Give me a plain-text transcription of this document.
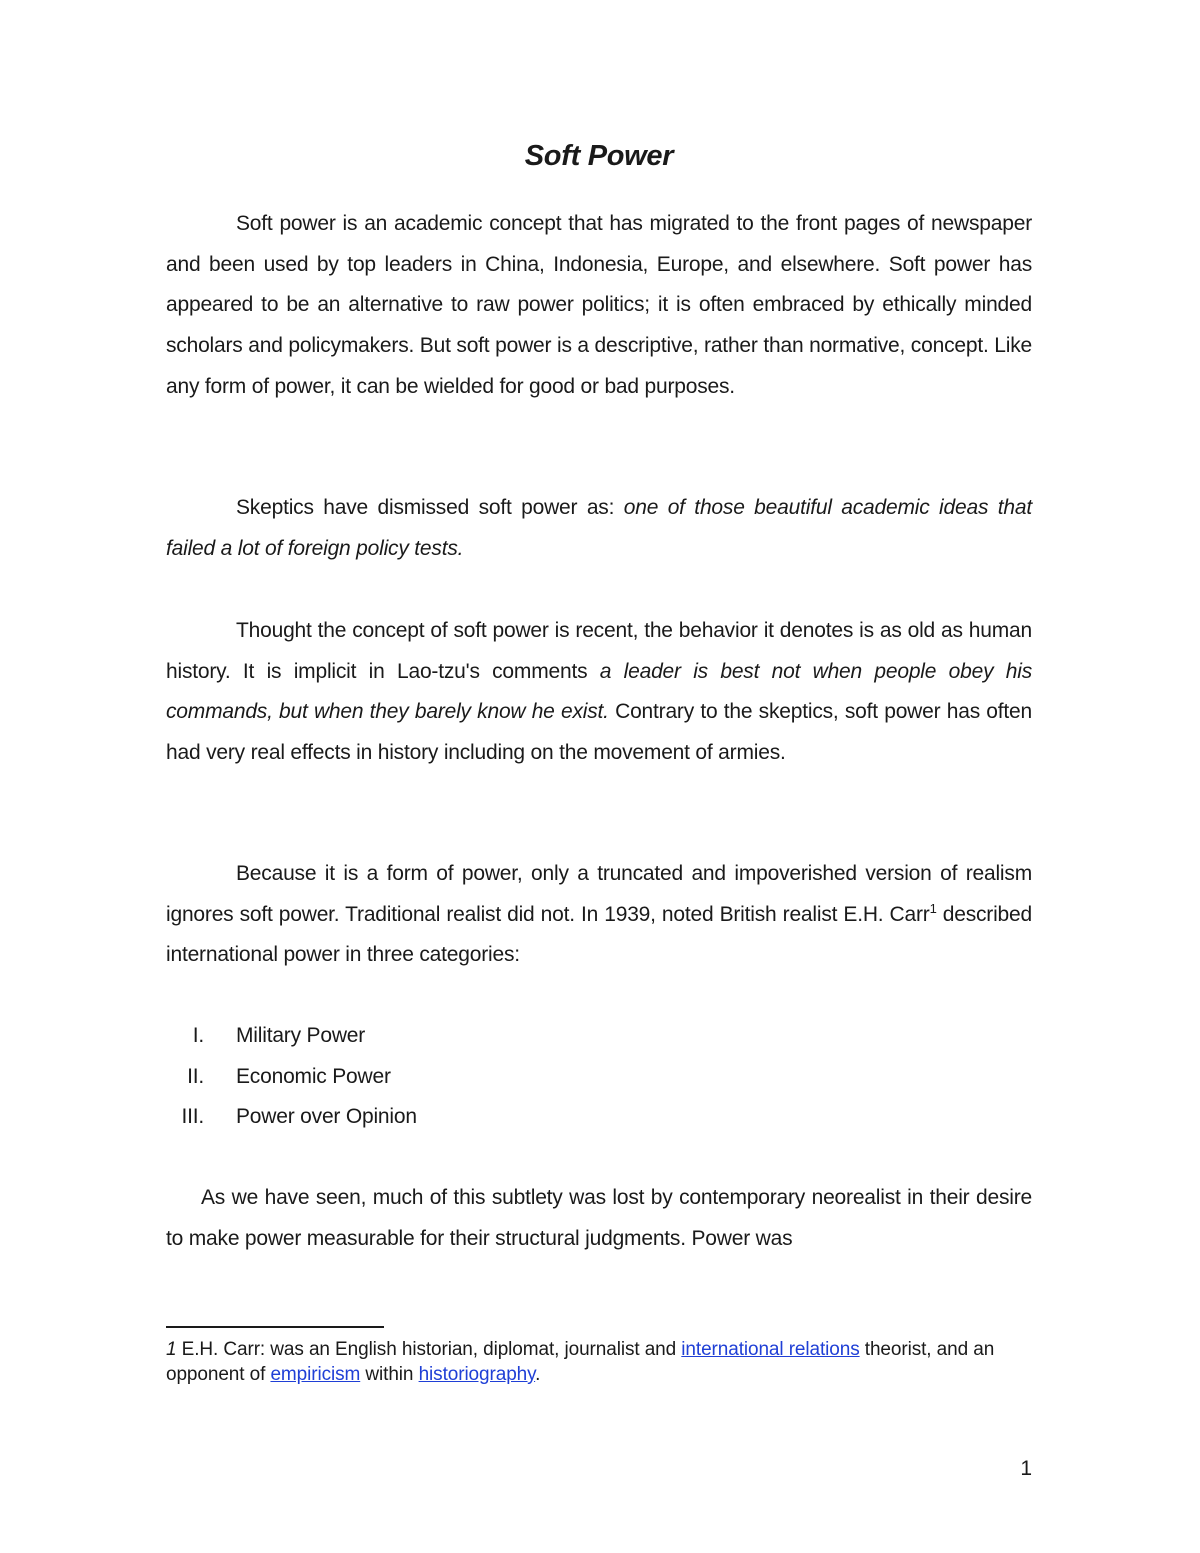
Soft Power

Soft power is an academic concept that has migrated to the front pages of newspaper and been used by top leaders in China, Indonesia, Europe, and elsewhere. Soft power has appeared to be an alternative to raw power politics; it is often embraced by ethically minded scholars and policymakers. But soft power is a descriptive, rather than normative, concept. Like any form of power, it can be wielded for good or bad purposes.

Skeptics have dismissed soft power as: one of those beautiful academic ideas that failed a lot of foreign policy tests.

Thought the concept of soft power is recent, the behavior it denotes is as old as human history. It is implicit in Lao-tzu's comments a leader is best not when people obey his commands, but when they barely know he exist. Contrary to the skeptics, soft power has often had very real effects in history including on the movement of armies.

Because it is a form of power, only a truncated and impoverished version of realism ignores soft power. Traditional realist did not. In 1939, noted British realist E.H. Carr$^1$ described international power in three categories:

I. Military Power
II. Economic Power
III. Power over Opinion

As we have seen, much of this subtlety was lost by contemporary neorealist in their desire to make power measurable for their structural judgments. Power was

1 E.H. Carr: was an English historian, diplomat, journalist and international relations theorist, and an opponent of empiricism within historiography.

1
